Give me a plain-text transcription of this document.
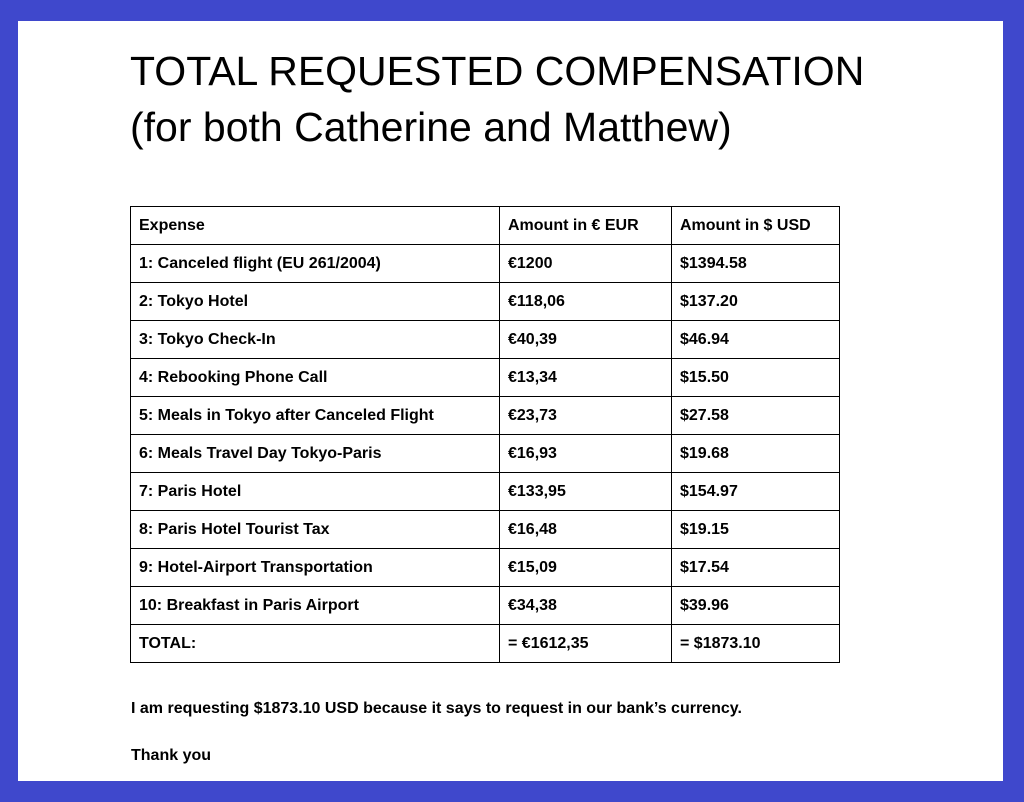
TOTAL REQUESTED COMPENSATION
(for both Catherine and Matthew)
Expense	Amount in € EUR	Amount in $ USD
1: Canceled flight (EU 261/2004)	€1200	$1394.58
2: Tokyo Hotel	€118,06	$137.20
3: Tokyo Check-In	€40,39	$46.94
4: Rebooking Phone Call	€13,34	$15.50
5: Meals in Tokyo after Canceled Flight	€23,73	$27.58
6: Meals Travel Day Tokyo-Paris	€16,93	$19.68
7: Paris Hotel	€133,95	$154.97
8: Paris Hotel Tourist Tax	€16,48	$19.15
9: Hotel-Airport Transportation	€15,09	$17.54
10: Breakfast in Paris Airport	€34,38	$39.96
TOTAL:	= €1612,35	= $1873.10

I am requesting $1873.10 USD because it says to request in our bank’s currency.

Thank you
